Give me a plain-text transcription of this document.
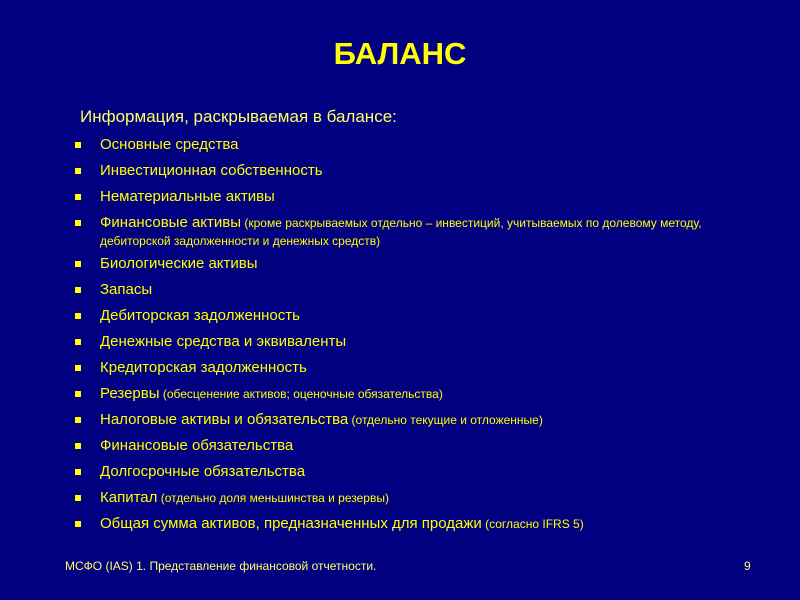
БАЛАНС
Информация, раскрываемая в балансе:
Основные средства
Инвестиционная собственность
Нематериальные активы
Финансовые активы (кроме раскрываемых отдельно – инвестиций, учитываемых по долевому методу, дебиторской задолженности и денежных средств)
Биологические активы
Запасы
Дебиторская задолженность
Денежные средства и эквиваленты
Кредиторская задолженность
Резервы (обесценение активов; оценочные обязательства)
Налоговые активы и обязательства (отдельно текущие и отложенные)
Финансовые обязательства
Долгосрочные обязательства
Капитал (отдельно доля меньшинства и резервы)
Общая сумма активов, предназначенных для продажи (согласно IFRS 5)
МСФО (IAS) 1. Представление финансовой отчетности.	9
